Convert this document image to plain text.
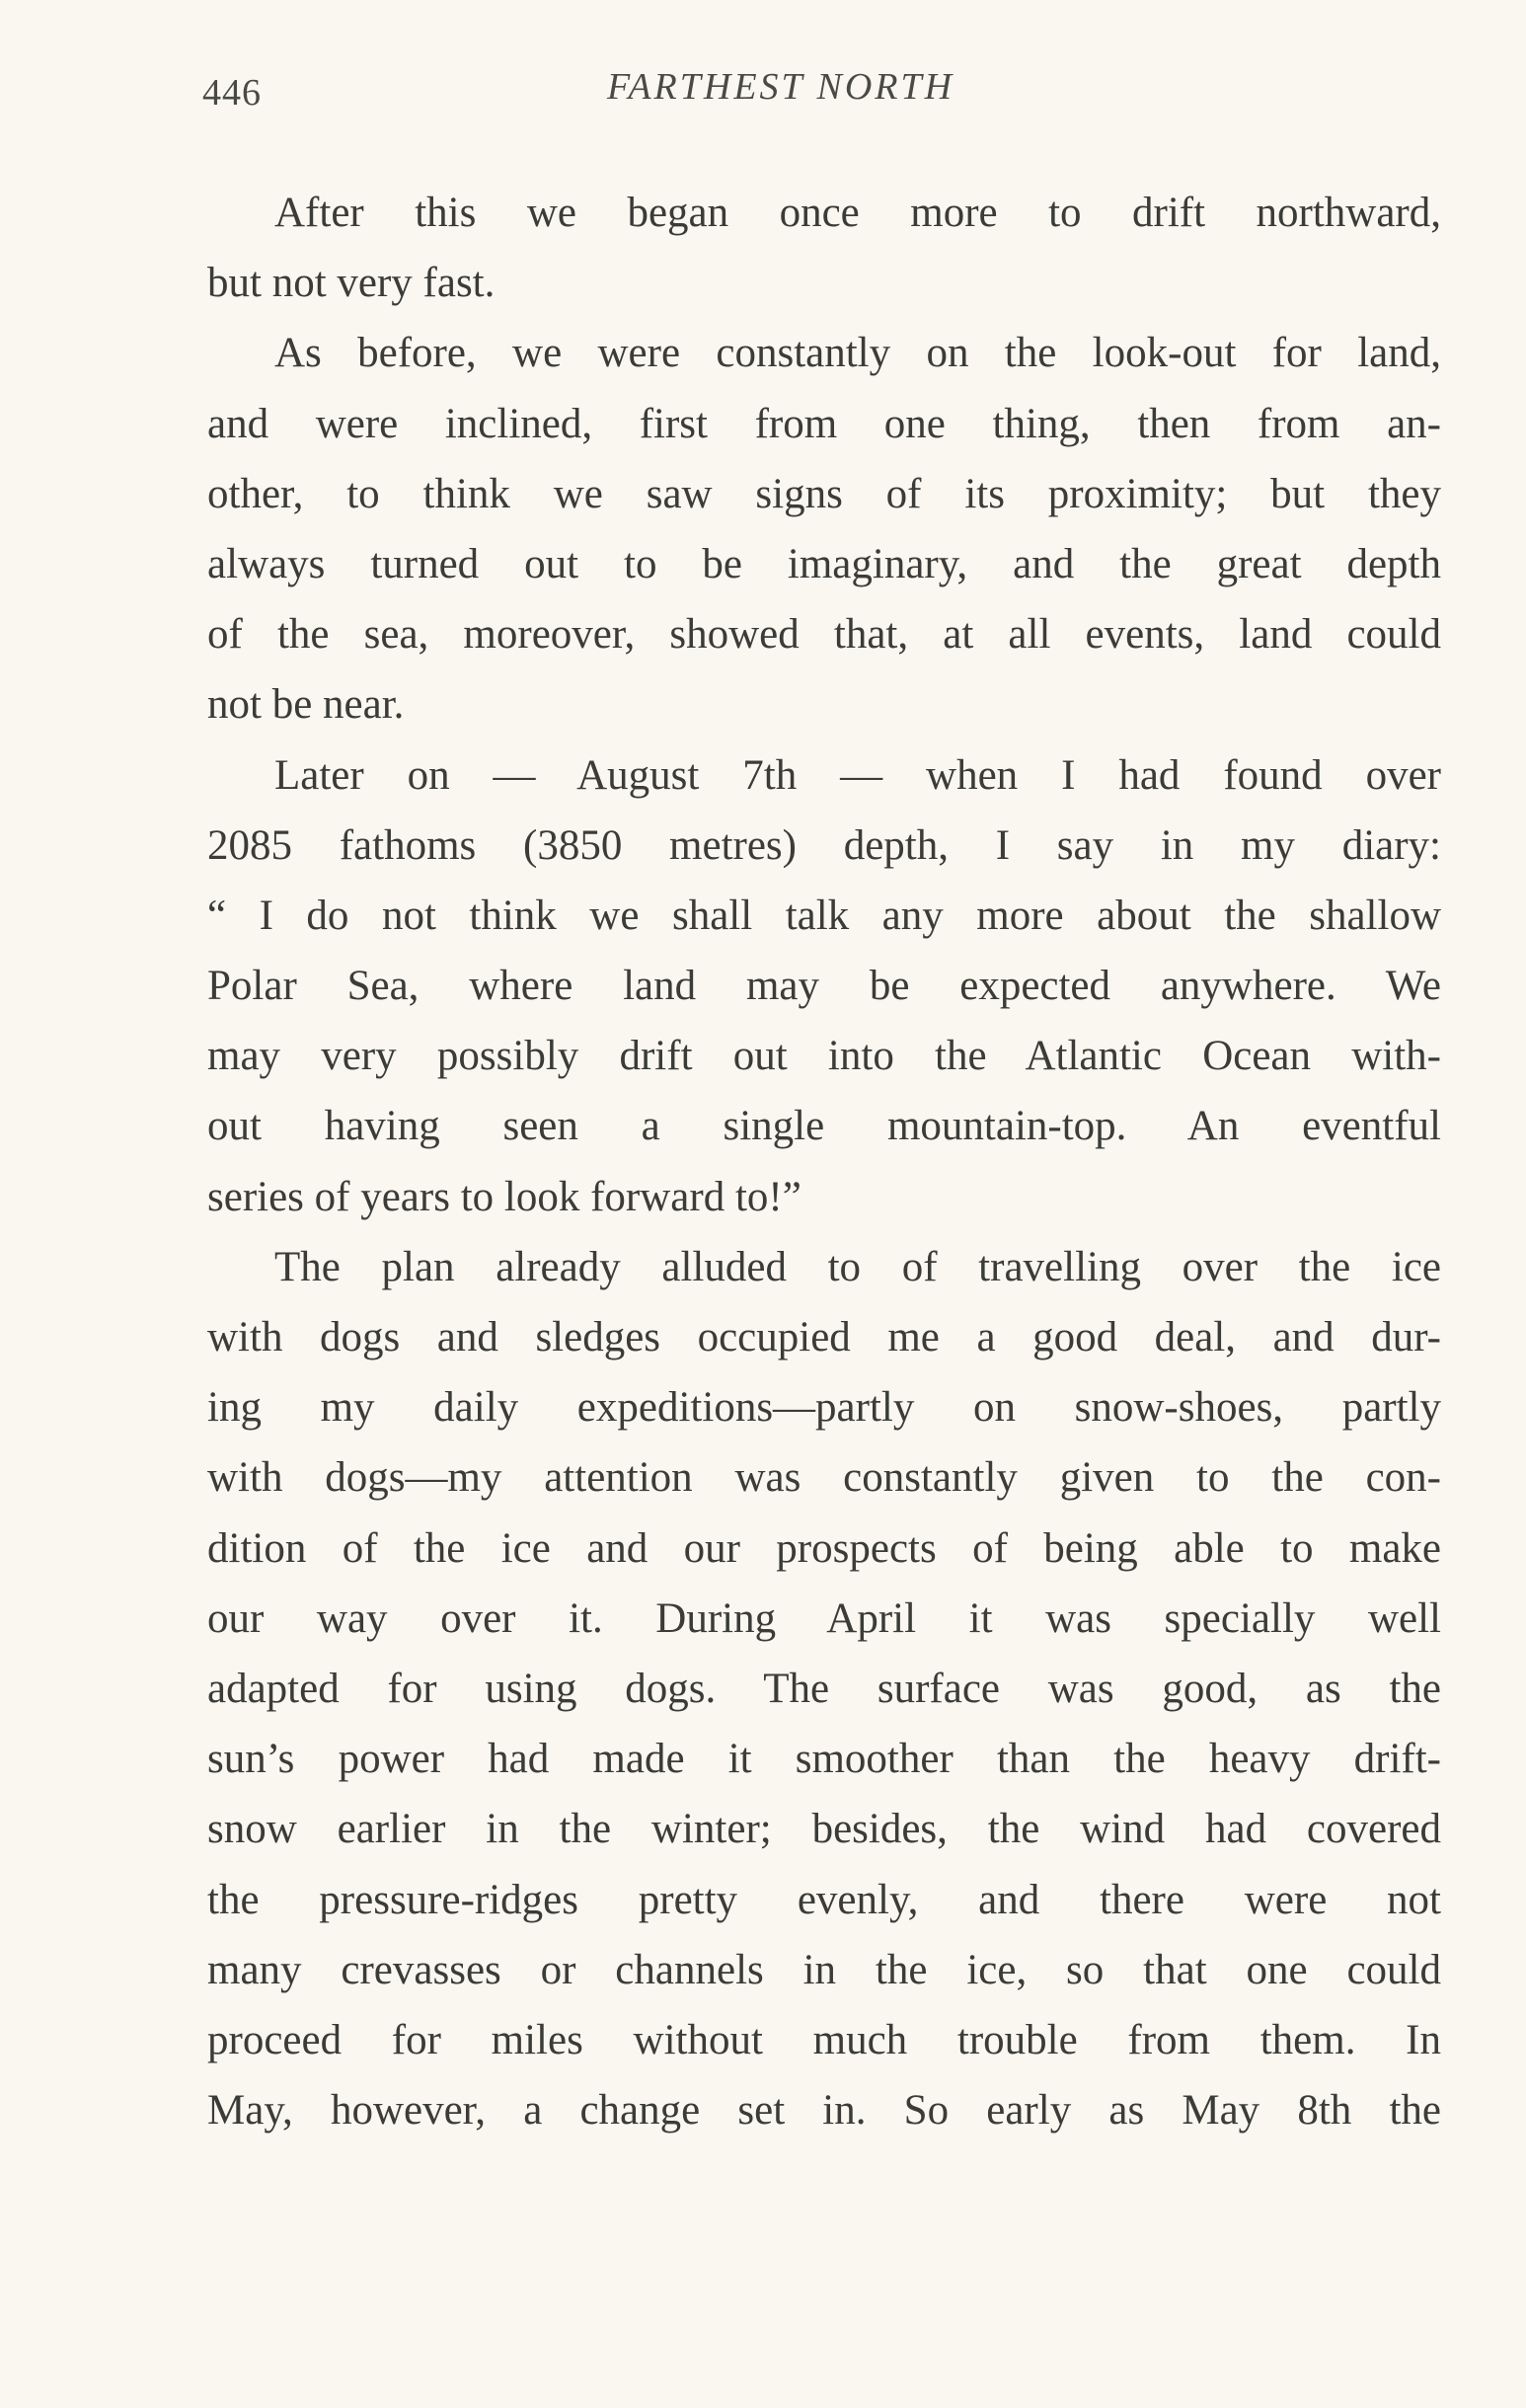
446	FARTHEST NORTH
After this we began once more to drift northward,
but not very fast.
As before, we were constantly on the look-out for land,
and were inclined, first from one thing, then from an-
other, to think we saw signs of its proximity; but they
always turned out to be imaginary, and the great depth
of the sea, moreover, showed that, at all events, land could
not be near.
Later on — August 7th — when I had found over
2085 fathoms (3850 metres) depth, I say in my diary:
“ I do not think we shall talk any more about the shallow
Polar Sea, where land may be expected anywhere. We
may very possibly drift out into the Atlantic Ocean with-
out having seen a single mountain-top. An eventful
series of years to look forward to!”
The plan already alluded to of travelling over the ice
with dogs and sledges occupied me a good deal, and dur-
ing my daily expeditions—partly on snow-shoes, partly
with dogs—my attention was constantly given to the con-
dition of the ice and our prospects of being able to make
our way over it. During April it was specially well
adapted for using dogs. The surface was good, as the
sun’s power had made it smoother than the heavy drift-
snow earlier in the winter; besides, the wind had covered
the pressure-ridges pretty evenly, and there were not
many crevasses or channels in the ice, so that one could
proceed for miles without much trouble from them. In
May, however, a change set in. So early as May 8th the
